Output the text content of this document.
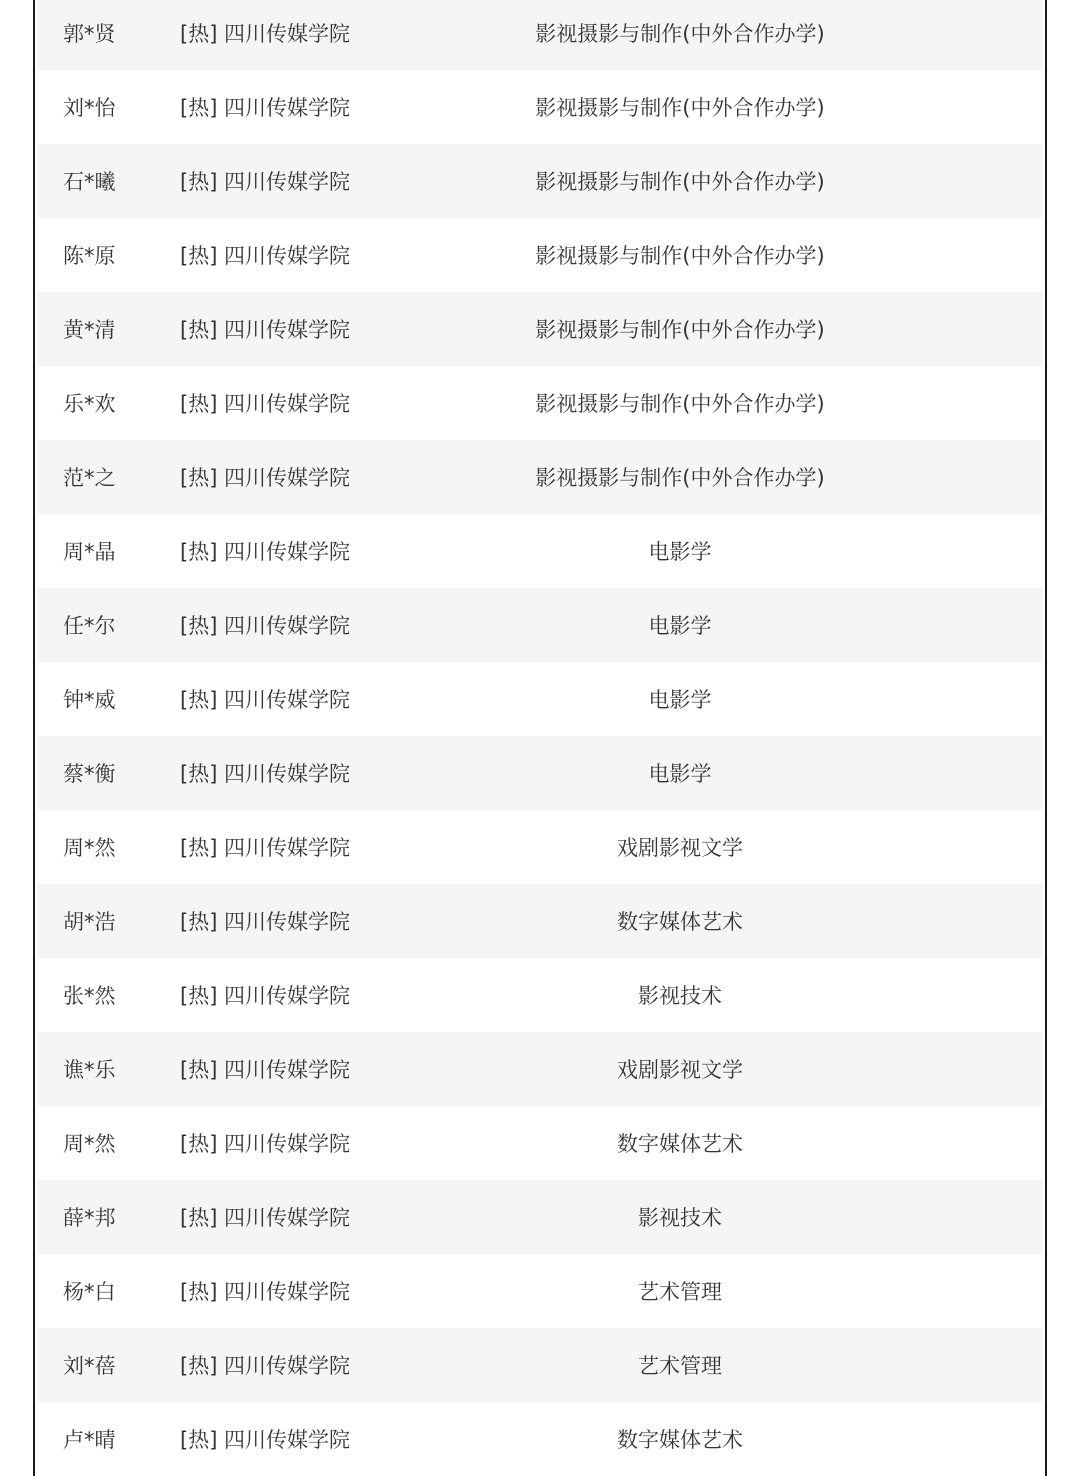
郭*贤	[热] 四川传媒学院	影视摄影与制作(中外合作办学)
刘*怡	[热] 四川传媒学院	影视摄影与制作(中外合作办学)
石*曦	[热] 四川传媒学院	影视摄影与制作(中外合作办学)
陈*原	[热] 四川传媒学院	影视摄影与制作(中外合作办学)
黄*清	[热] 四川传媒学院	影视摄影与制作(中外合作办学)
乐*欢	[热] 四川传媒学院	影视摄影与制作(中外合作办学)
范*之	[热] 四川传媒学院	影视摄影与制作(中外合作办学)
周*晶	[热] 四川传媒学院	电影学
任*尔	[热] 四川传媒学院	电影学
钟*威	[热] 四川传媒学院	电影学
蔡*衡	[热] 四川传媒学院	电影学
周*然	[热] 四川传媒学院	戏剧影视文学
胡*浩	[热] 四川传媒学院	数字媒体艺术
张*然	[热] 四川传媒学院	影视技术
谯*乐	[热] 四川传媒学院	戏剧影视文学
周*然	[热] 四川传媒学院	数字媒体艺术
薛*邦	[热] 四川传媒学院	影视技术
杨*白	[热] 四川传媒学院	艺术管理
刘*蓓	[热] 四川传媒学院	艺术管理
卢*晴	[热] 四川传媒学院	数字媒体艺术
